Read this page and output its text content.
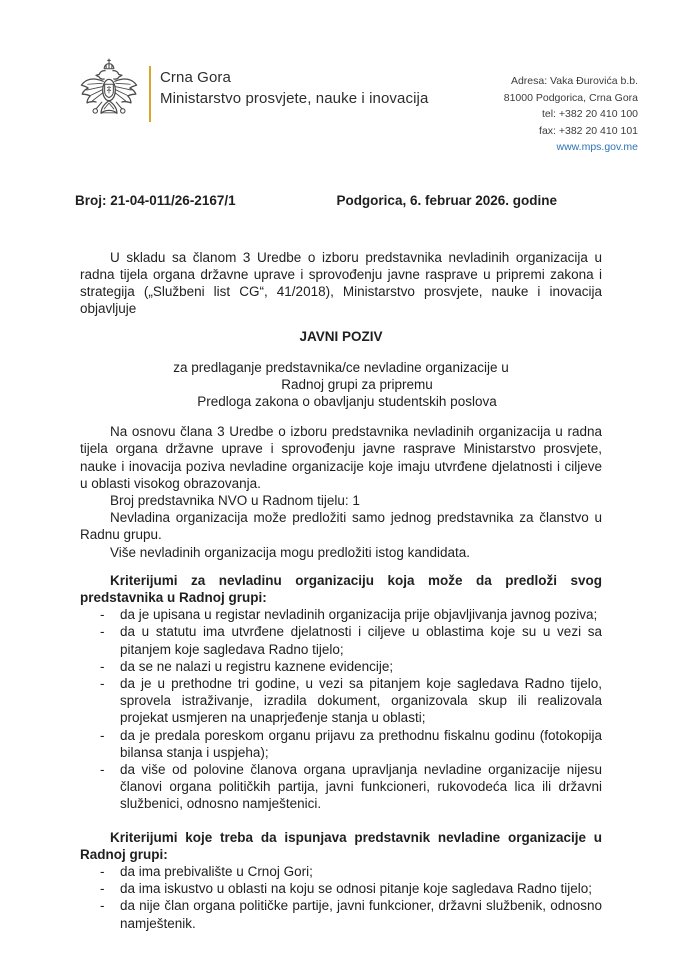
Crna Gora
Ministarstvo prosvjete, nauke i inovacija
Adresa: Vaka Đurovića b.b.
81000 Podgorica, Crna Gora
tel: +382 20 410 100
fax: +382 20 410 101
www.mps.gov.me
Broj: 21-04-011/26-2167/1	Podgorica, 6. februar 2026. godine

U skladu sa članom 3 Uredbe o izboru predstavnika nevladinih organizacija u radna tijela organa državne uprave i sprovođenju javne rasprave u pripremi zakona i strategija („Službeni list CG“, 41/2018), Ministarstvo prosvjete, nauke i inovacija objavljuje

JAVNI POZIV
za predlaganje predstavnika/ce nevladine organizacije u
Radnoj grupi za pripremu
Predloga zakona o obavljanju studentskih poslova

Na osnovu člana 3 Uredbe o izboru predstavnika nevladinih organizacija u radna tijela organa državne uprave i sprovođenju javne rasprave Ministarstvo prosvjete, nauke i inovacija poziva nevladine organizacije koje imaju utvrđene djelatnosti i ciljeve u oblasti visokog obrazovanja.

Broj predstavnika NVO u Radnom tijelu: 1

Nevladina organizacija može predložiti samo jednog predstavnika za članstvo u Radnu grupu.

Više nevladinih organizacija mogu predložiti istog kandidata.

Kriterijumi za nevladinu organizaciju koja može da predloži svog predstavnika u Radnoj grupi:
- da je upisana u registar nevladinih organizacija prije objavljivanja javnog poziva;
- da u statutu ima utvrđene djelatnosti i ciljeve u oblastima koje su u vezi sa pitanjem koje sagledava Radno tijelo;
- da se ne nalazi u registru kaznene evidencije;
- da je u prethodne tri godine, u vezi sa pitanjem koje sagledava Radno tijelo, sprovela istraživanje, izradila dokument, organizovala skup ili realizovala projekat usmjeren na unaprjeđenje stanja u oblasti;
- da je predala poreskom organu prijavu za prethodnu fiskalnu godinu (fotokopija bilansa stanja i uspjeha);
- da više od polovine članova organa upravljanja nevladine organizacije nijesu članovi organa političkih partija, javni funkcioneri, rukovodeća lica ili državni službenici, odnosno namještenici.
Kriterijumi koje treba da ispunjava predstavnik nevladine organizacije u Radnoj grupi:
- da ima prebivalište u Crnoj Gori;
- da ima iskustvo u oblasti na koju se odnosi pitanje koje sagledava Radno tijelo;
- da nije član organa političke partije, javni funkcioner, državni službenik, odnosno namještenik.
